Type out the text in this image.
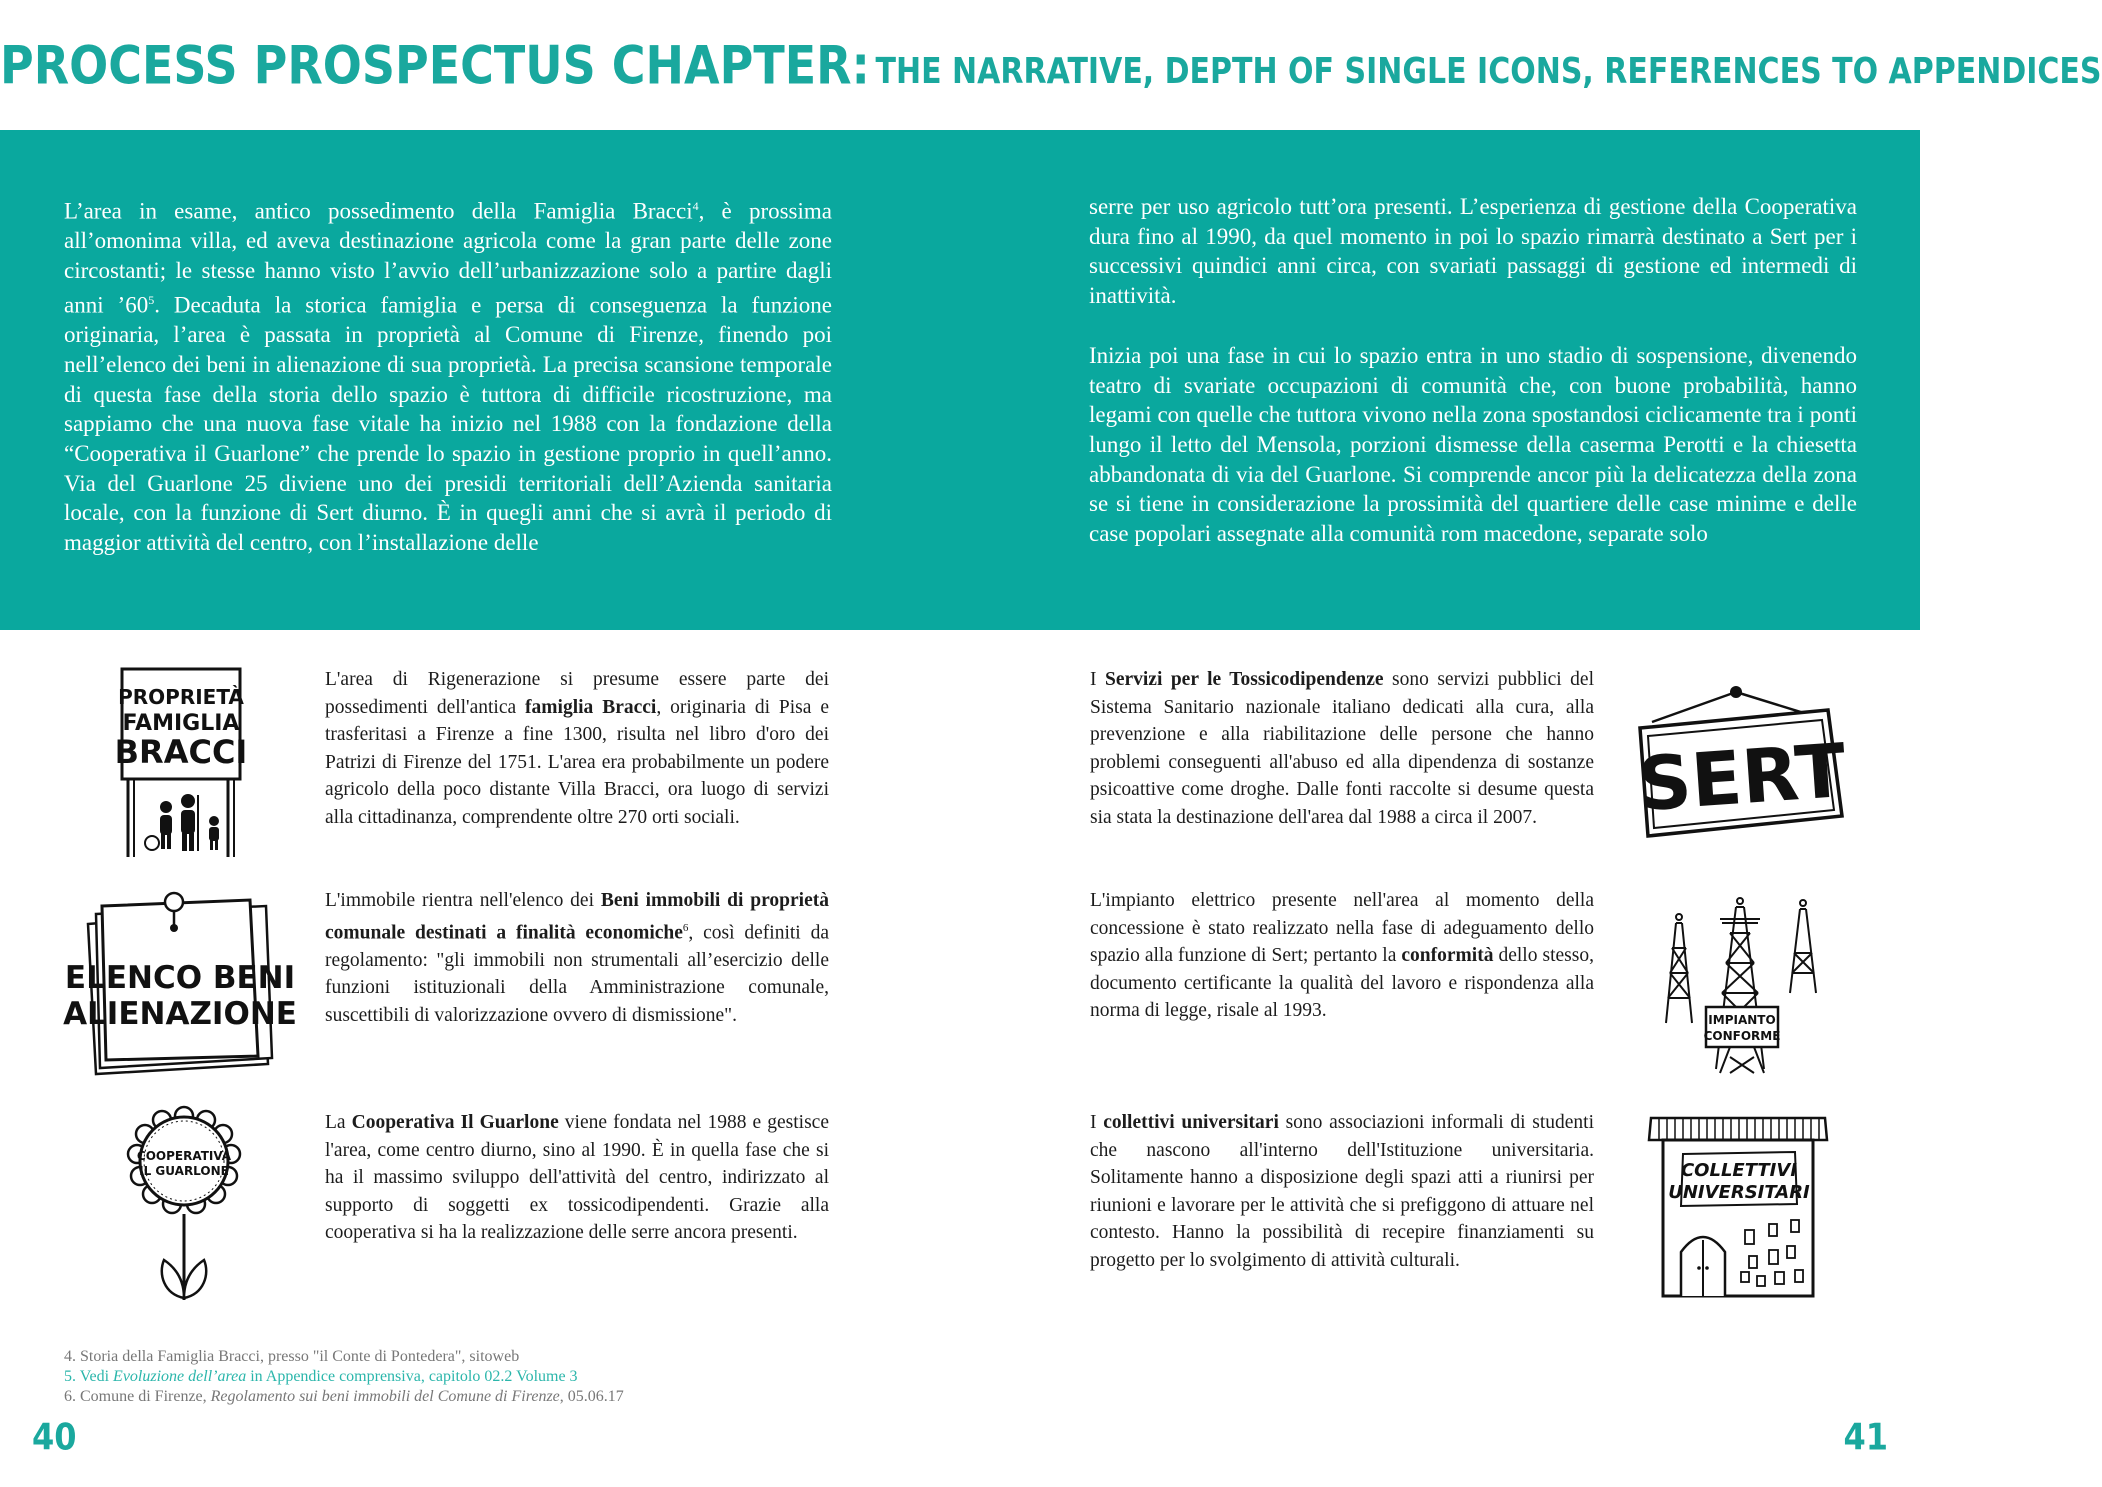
PROCESS PROSPECTUS CHAPTER: THE NARRATIVE, DEPTH OF SINGLE ICONS, REFERENCES TO APPENDICES

L’area in esame, antico possedimento della Famiglia Bracci$^4$, è prossima all’omonima villa, ed aveva destinazione agricola come la gran parte delle zone circostanti; le stesse hanno visto l’avvio dell’urbanizzazione solo a partire dagli anni $’60^5$. Decaduta la storica famiglia e persa di conseguenza la funzione originaria, l’area è passata in proprietà al Comune di Firenze, finendo poi nell’elenco dei beni in alienazione di sua proprietà. La precisa scansione temporale di questa fase della storia dello spazio è tuttora di difficile ricostruzione, ma sappiamo che una nuova fase vitale ha inizio nel 1988 con la fondazione della “Cooperativa il Guarlone” che prende lo spazio in gestione proprio in quell’anno. Via del Guarlone 25 diviene uno dei presidi territoriali dell’Azienda sanitaria locale, con la funzione di Sert diurno. È in quegli anni che si avrà il periodo di maggior attività del centro, con l’installazione delle

serre per uso agricolo tutt’ora presenti. L’esperienza di gestione della Cooperativa dura fino al 1990, da quel momento in poi lo spazio rimarrà destinato a Sert per i successivi quindici anni circa, con svariati passaggi di gestione ed intermedi di inattività.

Inizia poi una fase in cui lo spazio entra in uno stadio di sospensione, divenendo teatro di svariate occupazioni di comunità che, con buone probabilità, hanno legami con quelle che tuttora vivono nella zona spostandosi ciclicamente tra i ponti lungo il letto del Mensola, porzioni dismesse della caserma Perotti e la chiesetta abbandonata di via del Guarlone. Si comprende ancor più la delicatezza della zona se si tiene in considerazione la prossimità del quartiere delle case minime e delle case popolari assegnate alla comunità rom macedone, separate solo

PROPRIETÀ
FAMIGLIA
BRACCI
ELENCO BENI
ALIENAZIONE
COOPERATIVA
IL GUARLONE
SERT
IMPIANTO
CONFORME
COLLETTIVI
UNIVERSITARI

L'area di Rigenerazione si presume essere parte dei possedimenti dell'antica famiglia Bracci, originaria di Pisa e trasferitasi a Firenze a fine 1300, risulta nel libro d'oro dei Patrizi di Firenze del 1751. L'area era probabilmente un podere agricolo della poco distante Villa Bracci, ora luogo di servizi alla cittadinanza, comprendente oltre 270 orti sociali.

L'immobile rientra nell'elenco dei Beni immobili di proprietà comunale destinati a finalità economiche$^6$, così definiti da regolamento: "gli immobili non strumentali all’esercizio delle funzioni istituzionali della Amministrazione comunale, suscettibili di valorizzazione ovvero di dismissione".

La Cooperativa Il Guarlone viene fondata nel 1988 e gestisce l'area, come centro diurno, sino al 1990. È in quella fase che si ha il massimo sviluppo dell'attività del centro, indirizzato al supporto di soggetti ex tossicodipendenti. Grazie alla cooperativa si ha la realizzazione delle serre ancora presenti.

I Servizi per le Tossicodipendenze sono servizi pubblici del Sistema Sanitario nazionale italiano dedicati alla cura, alla prevenzione e alla riabilitazione delle persone che hanno problemi conseguenti all'abuso ed alla dipendenza di sostanze psicoattive come droghe. Dalle fonti raccolte si desume questa sia stata la destinazione dell'area dal 1988 a circa il 2007.

L'impianto elettrico presente nell'area al momento della concessione è stato realizzato nella fase di adeguamento dello spazio alla funzione di Sert; pertanto la conformità dello stesso, documento certificante la qualità del lavoro e rispondenza alla norma di legge, risale al 1993.

I collettivi universitari sono associazioni informali di studenti che nascono all'interno dell'Istituzione universitaria. Solitamente hanno a disposizione degli spazi atti a riunirsi per riunioni e lavorare per le attività che si prefiggono di attuare nel contesto. Hanno la possibilità di recepire finanziamenti su progetto per lo svolgimento di attività culturali.

4. Storia della Famiglia Bracci, presso "il Conte di Pontedera", sitoweb
5. Vedi Evoluzione dell’area in Appendice comprensiva, capitolo 02.2 Volume 3
6. Comune di Firenze, Regolamento sui beni immobili del Comune di Firenze, 05.06.17
40	41
